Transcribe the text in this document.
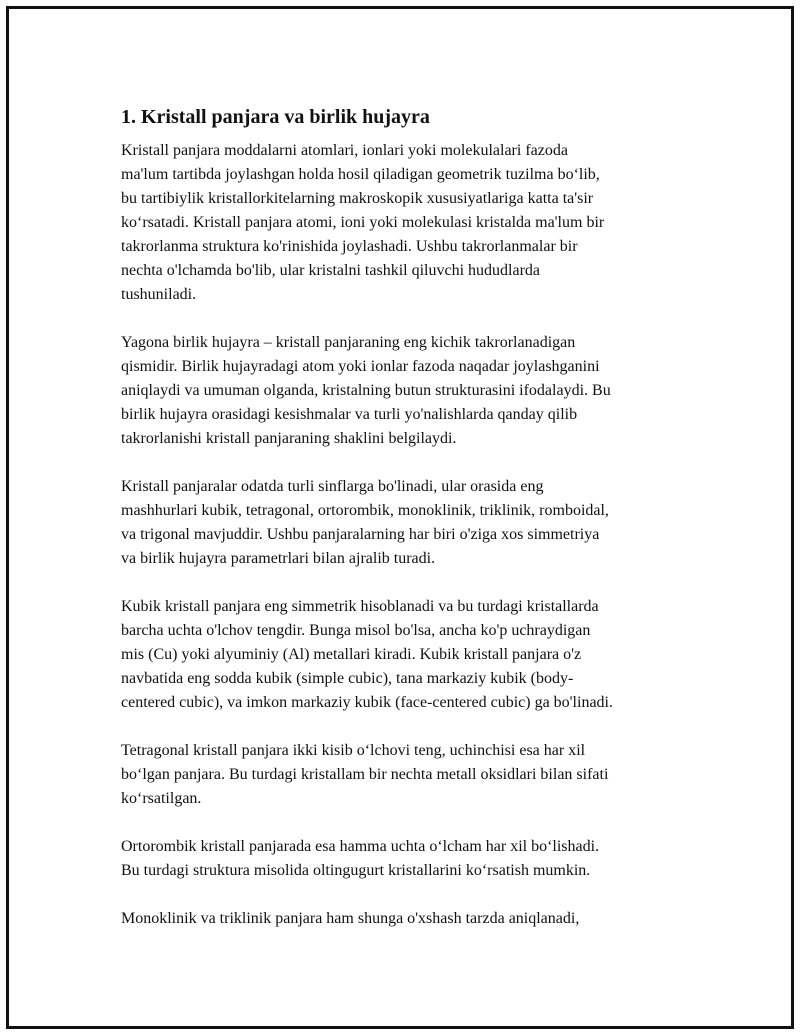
1. Kristall panjara va birlik hujayra

Kristall panjara moddalarni atomlari, ionlari yoki molekulalari fazoda
ma'lum tartibda joylashgan holda hosil qiladigan geometrik tuzilma bo‘lib,
bu tartibiylik kristallorkitelarning makroskopik xususiyatlariga katta ta'sir
ko‘rsatadi. Kristall panjara atomi, ioni yoki molekulasi kristalda ma'lum bir
takrorlanma struktura ko'rinishida joylashadi. Ushbu takrorlanmalar bir
nechta o'lchamda bo'lib, ular kristalni tashkil qiluvchi hududlarda
tushuniladi.

Yagona birlik hujayra – kristall panjaraning eng kichik takrorlanadigan
qismidir. Birlik hujayradagi atom yoki ionlar fazoda naqadar joylashganini
aniqlaydi va umuman olganda, kristalning butun strukturasini ifodalaydi. Bu
birlik hujayra orasidagi kesishmalar va turli yo'nalishlarda qanday qilib
takrorlanishi kristall panjaraning shaklini belgilaydi.

Kristall panjaralar odatda turli sinflarga bo'linadi, ular orasida eng
mashhurlari kubik, tetragonal, ortorombik, monoklinik, triklinik, romboidal,
va trigonal mavjuddir. Ushbu panjaralarning har biri o'ziga xos simmetriya
va birlik hujayra parametrlari bilan ajralib turadi.

Kubik kristall panjara eng simmetrik hisoblanadi va bu turdagi kristallarda
barcha uchta o'lchov tengdir. Bunga misol bo'lsa, ancha ko'p uchraydigan
mis (Cu) yoki alyuminiy (Al) metallari kiradi. Kubik kristall panjara o'z
navbatida eng sodda kubik (simple cubic), tana markaziy kubik (body-
centered cubic), va imkon markaziy kubik (face-centered cubic) ga bo'linadi.

Tetragonal kristall panjara ikki kisib o‘lchovi teng, uchinchisi esa har xil
bo‘lgan panjara. Bu turdagi kristallam bir nechta metall oksidlari bilan sifati
ko‘rsatilgan.

Ortorombik kristall panjarada esa hamma uchta o‘lcham har xil bo‘lishadi.
Bu turdagi struktura misolida oltingugurt kristallarini ko‘rsatish mumkin.

Monoklinik va triklinik panjara ham shunga o'xshash tarzda aniqlanadi,
